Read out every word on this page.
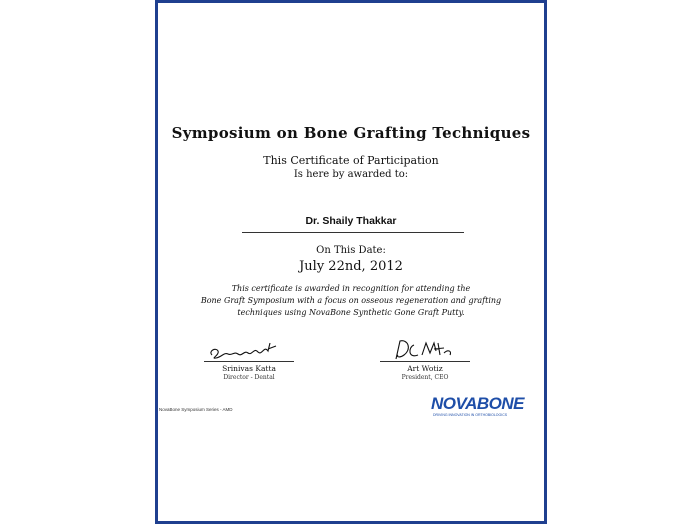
Symposium on Bone Grafting Techniques
This Certificate of Participation
Is here by awarded to:
Dr. Shaily Thakkar
On This Date:
July 22nd, 2012
This certificate is awarded in recognition for attending the
Bone Graft Symposium with a focus on osseous regeneration and grafting
techniques using NovaBone Synthetic Gone Graft Putty.
Srinivas Katta
Director - Dental
Art Wotiz
President, CEO
NovaBone Symposium Series - AMD	NOVABONE
DRIVING INNOVATION IN ORTHOBIOLOGICS
